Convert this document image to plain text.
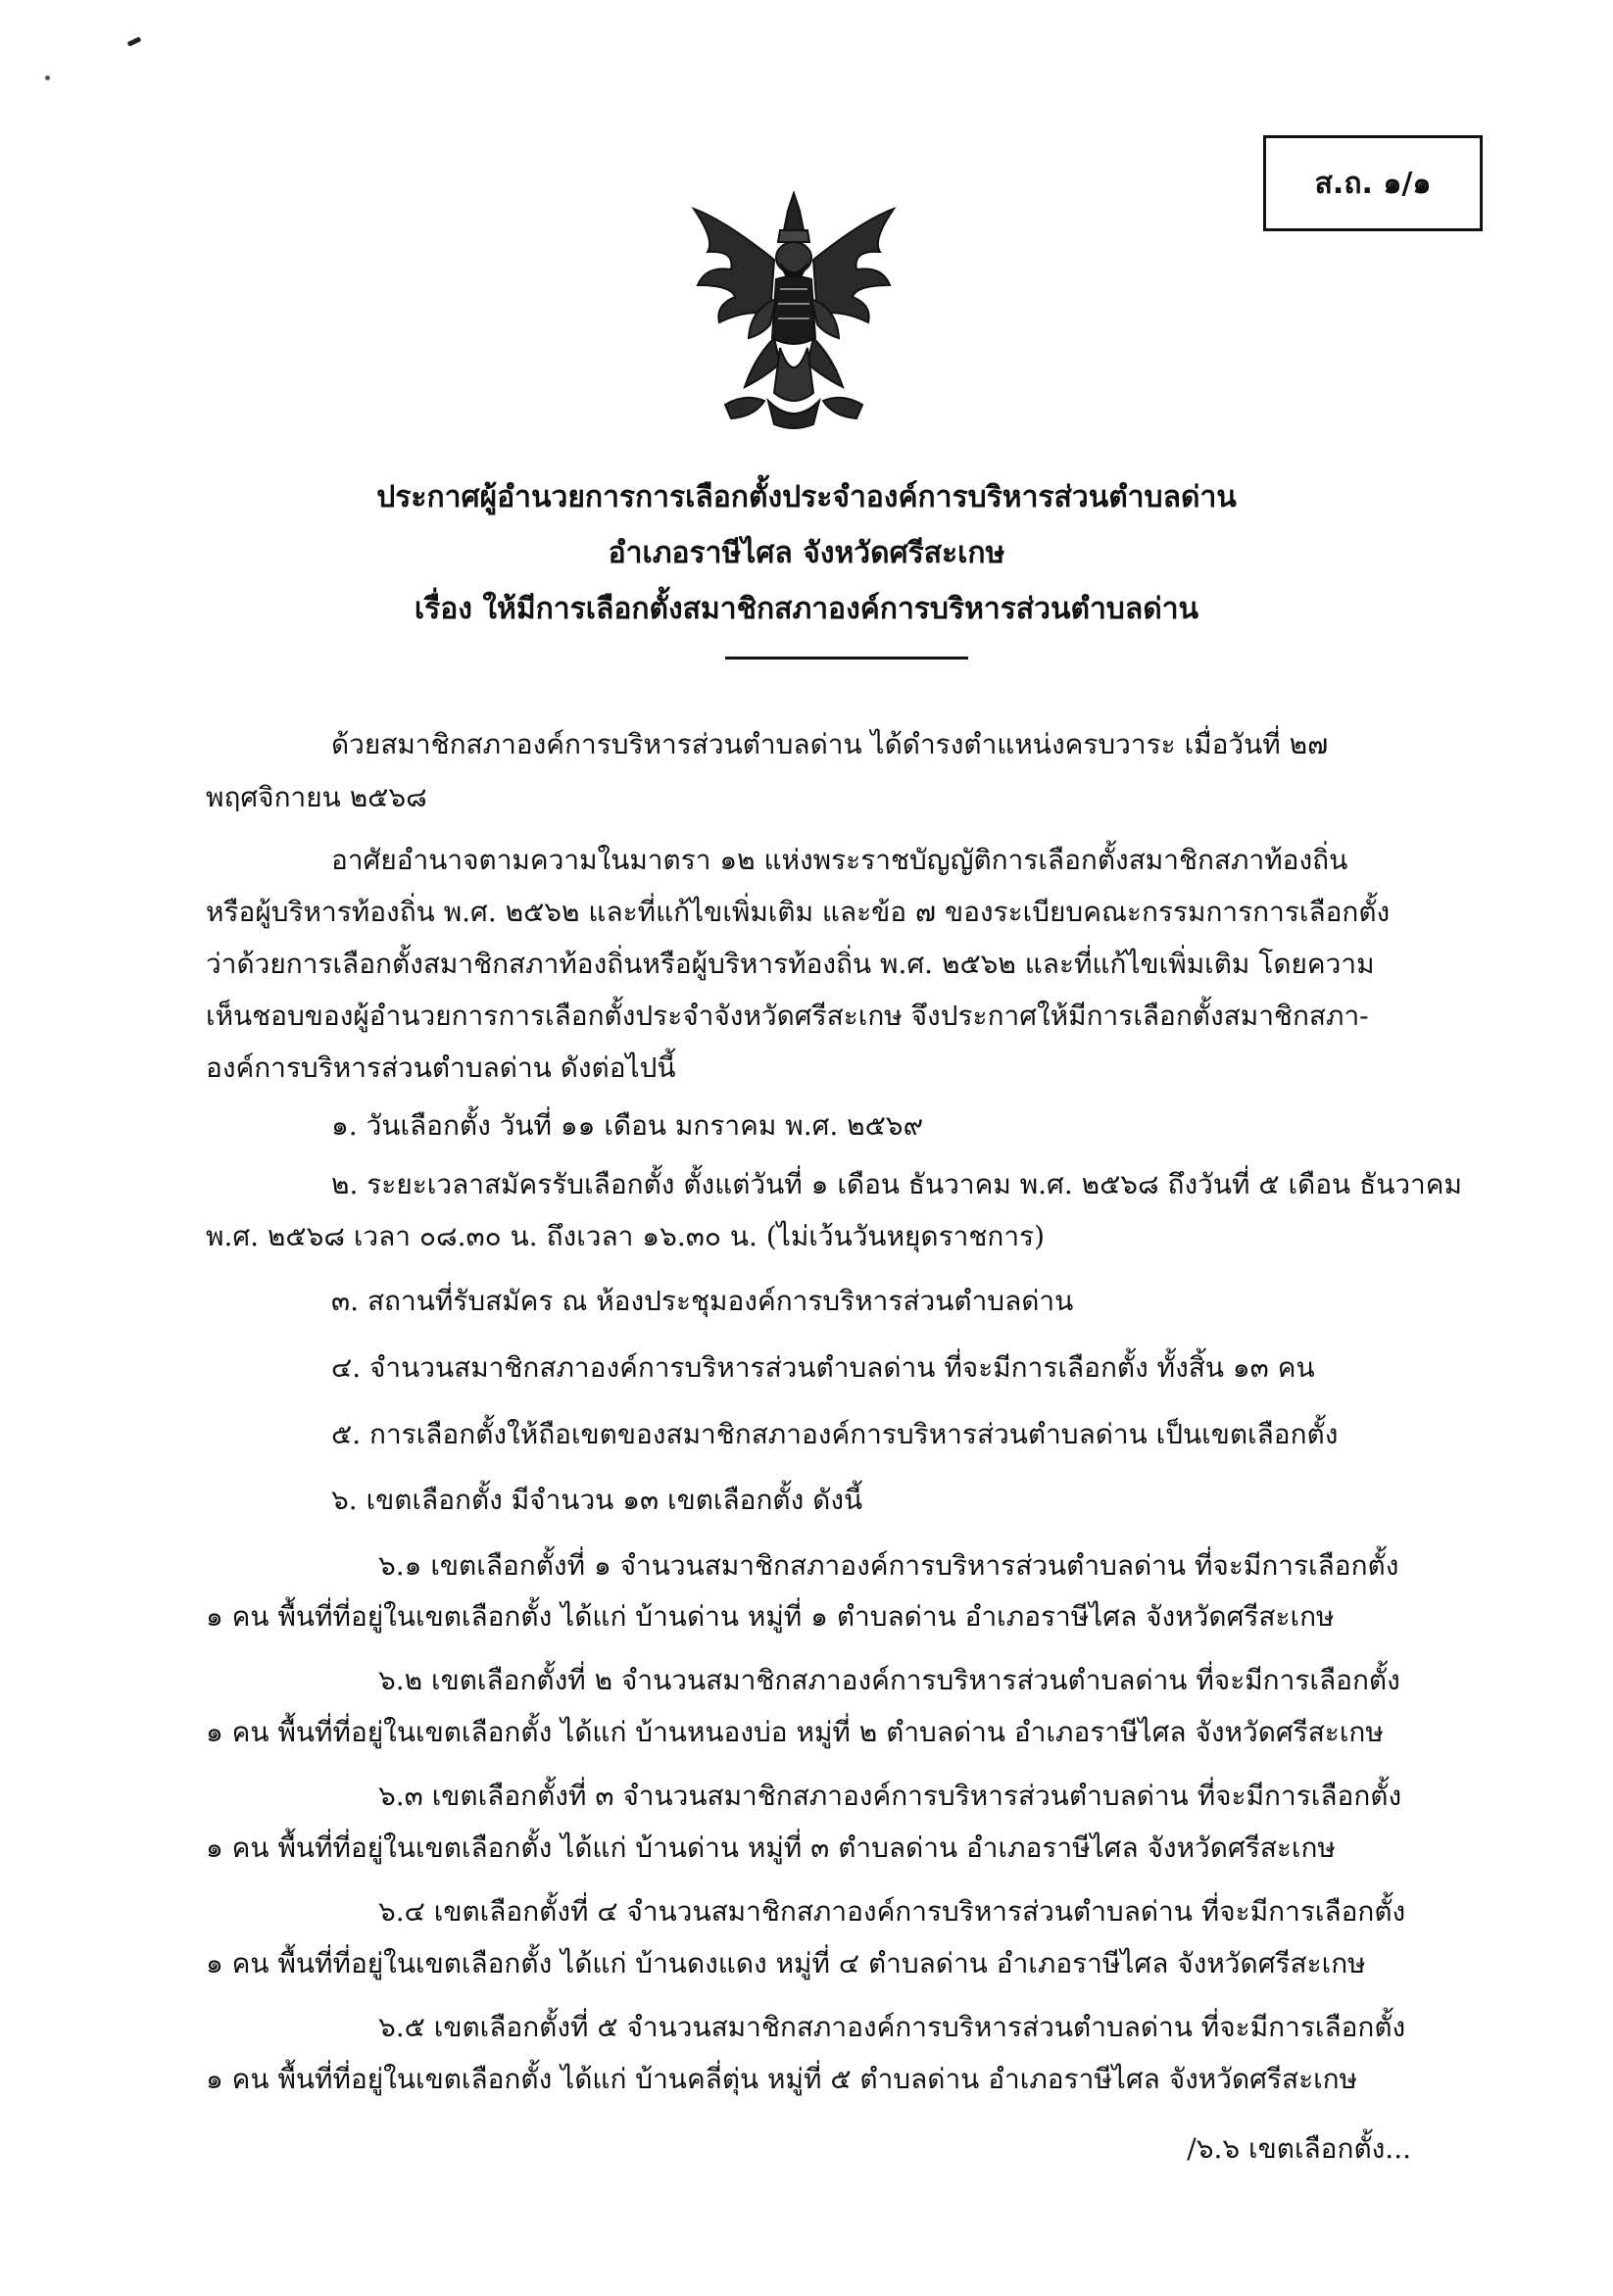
ส.ถ. ๑/๑
ประกาศผู้อำนวยการการเลือกตั้งประจำองค์การบริหารส่วนตำบลด่าน
อำเภอราษีไศล จังหวัดศรีสะเกษ
เรื่อง ให้มีการเลือกตั้งสมาชิกสภาองค์การบริหารส่วนตำบลด่าน
ด้วยสมาชิกสภาองค์การบริหารส่วนตำบลด่าน ได้ดำรงตำแหน่งครบวาระ เมื่อวันที่ ๒๗
พฤศจิกายน ๒๕๖๘
อาศัยอำนาจตามความในมาตรา ๑๒ แห่งพระราชบัญญัติการเลือกตั้งสมาชิกสภาท้องถิ่น
หรือผู้บริหารท้องถิ่น พ.ศ. ๒๕๖๒ และที่แก้ไขเพิ่มเติม และข้อ ๗ ของระเบียบคณะกรรมการการเลือกตั้ง
ว่าด้วยการเลือกตั้งสมาชิกสภาท้องถิ่นหรือผู้บริหารท้องถิ่น พ.ศ. ๒๕๖๒ และที่แก้ไขเพิ่มเติม โดยความ
เห็นชอบของผู้อำนวยการการเลือกตั้งประจำจังหวัดศรีสะเกษ จึงประกาศให้มีการเลือกตั้งสมาชิกสภา-
องค์การบริหารส่วนตำบลด่าน ดังต่อไปนี้
๑. วันเลือกตั้ง วันที่ ๑๑ เดือน มกราคม พ.ศ. ๒๕๖๙
๒. ระยะเวลาสมัครรับเลือกตั้ง ตั้งแต่วันที่ ๑ เดือน ธันวาคม พ.ศ. ๒๕๖๘ ถึงวันที่ ๕ เดือน ธันวาคม
พ.ศ. ๒๕๖๘ เวลา ๐๘.๓๐ น. ถึงเวลา ๑๖.๓๐ น. (ไม่เว้นวันหยุดราชการ)
๓. สถานที่รับสมัคร ณ ห้องประชุมองค์การบริหารส่วนตำบลด่าน
๔. จำนวนสมาชิกสภาองค์การบริหารส่วนตำบลด่าน ที่จะมีการเลือกตั้ง ทั้งสิ้น ๑๓ คน
๕. การเลือกตั้งให้ถือเขตของสมาชิกสภาองค์การบริหารส่วนตำบลด่าน เป็นเขตเลือกตั้ง
๖. เขตเลือกตั้ง มีจำนวน ๑๓ เขตเลือกตั้ง ดังนี้
๖.๑ เขตเลือกตั้งที่ ๑ จำนวนสมาชิกสภาองค์การบริหารส่วนตำบลด่าน ที่จะมีการเลือกตั้ง
๑ คน พื้นที่ที่อยู่ในเขตเลือกตั้ง ได้แก่ บ้านด่าน หมู่ที่ ๑ ตำบลด่าน อำเภอราษีไศล จังหวัดศรีสะเกษ
๖.๒ เขตเลือกตั้งที่ ๒ จำนวนสมาชิกสภาองค์การบริหารส่วนตำบลด่าน ที่จะมีการเลือกตั้ง
๑ คน พื้นที่ที่อยู่ในเขตเลือกตั้ง ได้แก่ บ้านหนองบ่อ หมู่ที่ ๒ ตำบลด่าน อำเภอราษีไศล จังหวัดศรีสะเกษ
๖.๓ เขตเลือกตั้งที่ ๓ จำนวนสมาชิกสภาองค์การบริหารส่วนตำบลด่าน ที่จะมีการเลือกตั้ง
๑ คน พื้นที่ที่อยู่ในเขตเลือกตั้ง ได้แก่ บ้านด่าน หมู่ที่ ๓ ตำบลด่าน อำเภอราษีไศล จังหวัดศรีสะเกษ
๖.๔ เขตเลือกตั้งที่ ๔ จำนวนสมาชิกสภาองค์การบริหารส่วนตำบลด่าน ที่จะมีการเลือกตั้ง
๑ คน พื้นที่ที่อยู่ในเขตเลือกตั้ง ได้แก่ บ้านดงแดง หมู่ที่ ๔ ตำบลด่าน อำเภอราษีไศล จังหวัดศรีสะเกษ
๖.๕ เขตเลือกตั้งที่ ๕ จำนวนสมาชิกสภาองค์การบริหารส่วนตำบลด่าน ที่จะมีการเลือกตั้ง
๑ คน พื้นที่ที่อยู่ในเขตเลือกตั้ง ได้แก่ บ้านคลี่ตุ่น หมู่ที่ ๕ ตำบลด่าน อำเภอราษีไศล จังหวัดศรีสะเกษ
/๖.๖ เขตเลือกตั้ง...
